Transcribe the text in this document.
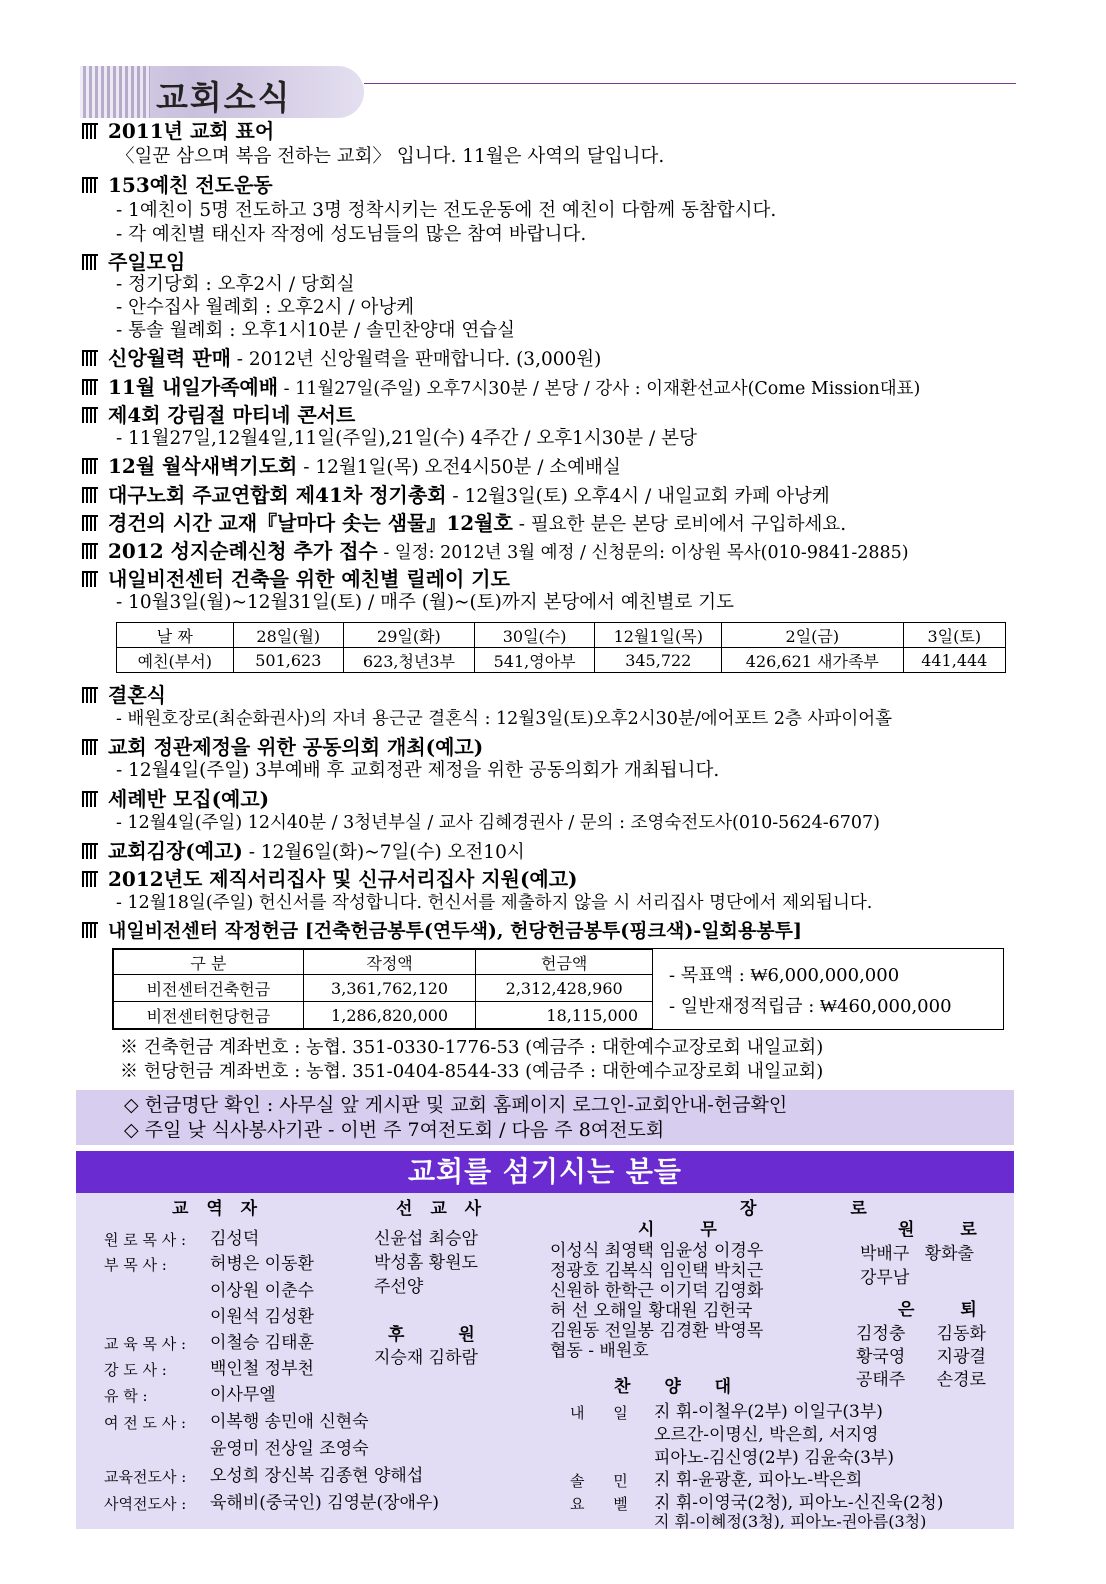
교회소식
2011년 교회 표어
〈일꾼 삼으며 복음 전하는 교회〉 입니다. 11월은 사역의 달입니다.
153예친 전도운동
- 1예친이 5명 전도하고 3명 정착시키는 전도운동에 전 예친이 다함께 동참합시다.
- 각 예친별 태신자 작정에 성도님들의 많은 참여 바랍니다.
주일모임
- 정기당회 : 오후2시 / 당회실
- 안수집사 월례회 : 오후2시 / 아낭케
- 통솔 월례회 : 오후1시10분 / 솔민찬양대 연습실
신앙월력 판매 - 2012년 신앙월력을 판매합니다. (3,000원)
11월 내일가족예배 - 11월27일(주일) 오후7시30분 / 본당 / 강사 : 이재환선교사(Come Mission대표)
제4회 강림절 마티네 콘서트
- 11월27일,12월4일,11일(주일),21일(수) 4주간 / 오후1시30분 / 본당
12월 월삭새벽기도회 - 12월1일(목) 오전4시50분 / 소예배실
대구노회 주교연합회 제41차 정기총회 - 12월3일(토) 오후4시 / 내일교회 카페 아낭케
경건의 시간 교재『날마다 솟는 샘물』12월호 - 필요한 분은 본당 로비에서 구입하세요.
2012 성지순례신청 추가 접수 - 일정: 2012년 3월 예정 / 신청문의: 이상원 목사(010-9841-2885)
내일비전센터 건축을 위한 예친별 릴레이 기도
- 10월3일(월)~12월31일(토) / 매주 (월)~(토)까지 본당에서 예친별로 기도
날 짜	28일(월)	29일(화)	30일(수)	12월1일(목)	2일(금)	3일(토)
예친(부서)	501,623	623,청년3부	541,영아부	345,722	426,621 새가족부	441,444
결혼식
- 배원호장로(최순화권사)의 자녀 용근군 결혼식 : 12월3일(토)오후2시30분/에어포트 2층 사파이어홀
교회 정관제정을 위한 공동의회 개최(예고)
- 12월4일(주일) 3부예배 후 교회정관 제정을 위한 공동의회가 개최됩니다.
세례반 모집(예고)
- 12월4일(주일) 12시40분 / 3청년부실 / 교사 김혜경권사 / 문의 : 조영숙전도사(010-5624-6707)
교회김장(예고) - 12월6일(화)~7일(수) 오전10시
2012년도 제직서리집사 및 신규서리집사 지원(예고)
- 12월18일(주일) 헌신서를 작성합니다. 헌신서를 제출하지 않을 시 서리집사 명단에서 제외됩니다.
내일비전센터 작정헌금 [건축헌금봉투(연두색), 헌당헌금봉투(핑크색)-일회용봉투]
구 분	작정액	헌금액
비전센터건축헌금	3,361,762,120	2,312,428,960
비전센터헌당헌금	1,286,820,000	18,115,000
- 목표액 : ₩6,000,000,000
- 일반재정적립금 : ₩460,000,000
※ 건축헌금 계좌번호 : 농협. 351-0330-1776-53 (예금주 : 대한예수교장로회 내일교회)
※ 헌당헌금 계좌번호 : 농협. 351-0404-8544-33 (예금주 : 대한예수교장로회 내일교회)
◇ 헌금명단 확인 : 사무실 앞 게시판 및 교회 홈페이지 로그인-교회안내-헌금확인
◇ 주일 낮 식사봉사기관 - 이번 주 7여전도회 / 다음 주 8여전도회
교회를 섬기시는 분들
교 역 자
원 로 목 사 : 김성덕
부 목 사 :	허병은 이동환
이상원 이춘수
이원석 김성환
교 육 목 사 : 이철승 김태훈
강 도 사 :	백인철 정부천
유 학 :	이사무엘
여 전 도 사 : 이복행 송민애 신현숙
윤영미 전상일 조영숙
교육전도사 : 오성희 장신복 김종현 양해섭
사역전도사 : 육해비(중국인) 김영분(장애우)
선 교 사
신윤섭 최승암
박성홈 황원도
주선양
후 원
지승재 김하람
장 로
시 무
이성식 최영택 임윤성 이경우
정광호 김복식 임인택 박치근
신원하 한학근 이기덕 김영화
허 선 오해일 황대원 김헌국
김원동 전일봉 김경환 박영목
협동 - 배원호
원 로
박배구 황화출
강무남
은 퇴
김정충 김동화
황국영 지광결
공태주 손경로
찬 양 대
내 일 :
지 휘-이철우(2부) 이일구(3부)
오르간-이명신, 박은희, 서지영
피아노-김신영(2부) 김윤숙(3부)
솔 민 :
지 휘-윤광훈, 피아노-박은희
요 벨 :
지 휘-이영국(2청), 피아노-신진욱(2청)
지 휘-이혜정(3청), 피아노-권아름(3청)
